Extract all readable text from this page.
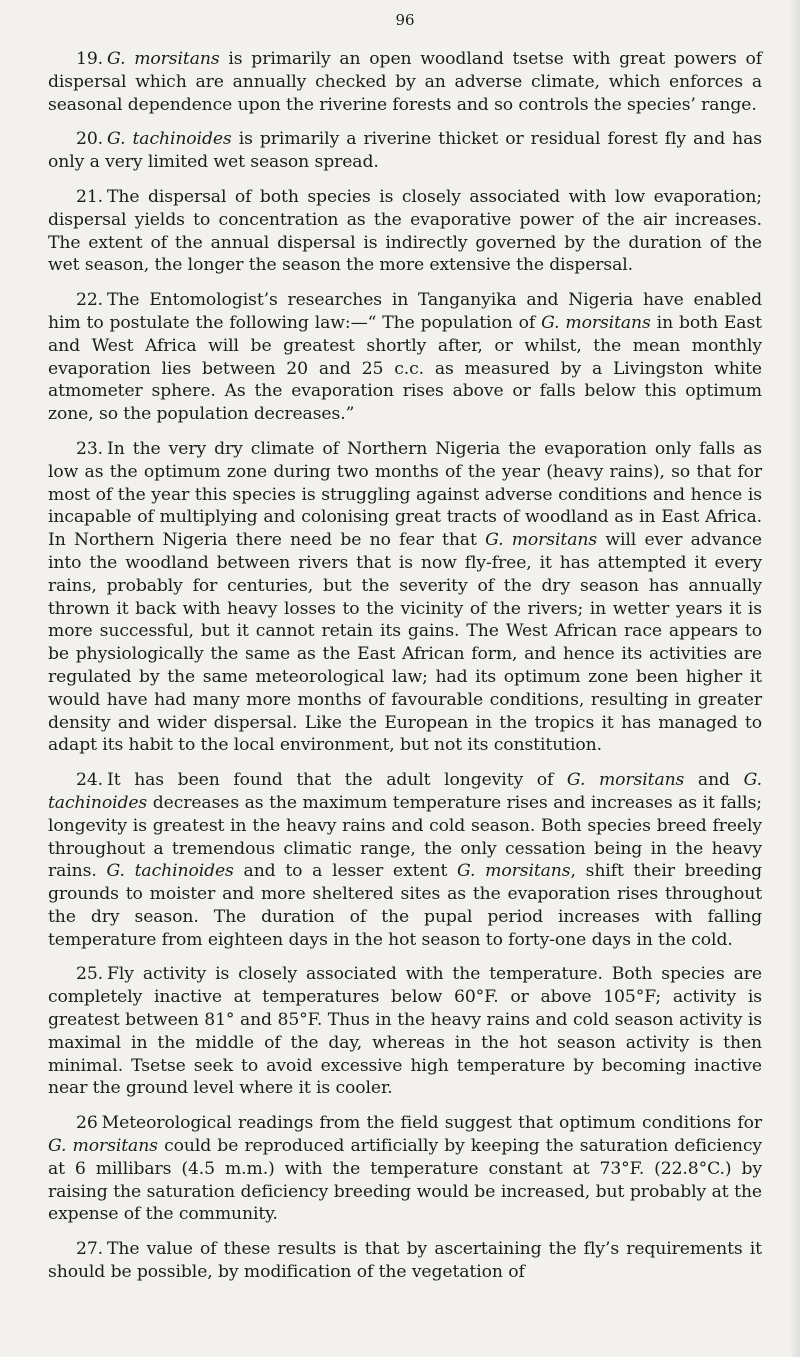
96

19. G. morsitans is primarily an open woodland tsetse with great powers of dispersal which are annually checked by an adverse climate, which enforces a seasonal dependence upon the riverine forests and so controls the species’ range.

20. G. tachinoides is primarily a riverine thicket or residual forest fly and has only a very limited wet season spread.

21. The dispersal of both species is closely associated with low evaporation; dispersal yields to concentration as the evaporative power of the air increases. The extent of the annual dispersal is indirectly governed by the duration of the wet season, the longer the season the more extensive the dispersal.

22. The Entomologist’s researches in Tanganyika and Nigeria have enabled him to postulate the following law:—“ The population of G. morsitans in both East and West Africa will be greatest shortly after, or whilst, the mean monthly evaporation lies between 20 and 25 c.c. as measured by a Livingston white atmometer sphere. As the evaporation rises above or falls below this optimum zone, so the population decreases.”

23. In the very dry climate of Northern Nigeria the evaporation only falls as low as the optimum zone during two months of the year (heavy rains), so that for most of the year this species is struggling against adverse conditions and hence is incapable of multiplying and colonising great tracts of woodland as in East Africa. In Northern Nigeria there need be no fear that G. morsitans will ever advance into the woodland between rivers that is now fly-free, it has attempted it every rains, probably for centuries, but the severity of the dry season has annually thrown it back with heavy losses to the vicinity of the rivers; in wetter years it is more successful, but it cannot retain its gains. The West African race appears to be physiologically the same as the East African form, and hence its activities are regulated by the same meteorological law; had its optimum zone been higher it would have had many more months of favourable conditions, resulting in greater density and wider dispersal. Like the European in the tropics it has managed to adapt its habit to the local environment, but not its constitution.

24. It has been found that the adult longevity of G. morsitans and G. tachinoides decreases as the maximum temperature rises and increases as it falls; longevity is greatest in the heavy rains and cold season. Both species breed freely throughout a tremendous climatic range, the only cessation being in the heavy rains. G. tachinoides and to a lesser extent G. morsitans, shift their breeding grounds to moister and more sheltered sites as the evaporation rises throughout the dry season. The duration of the pupal period increases with falling temperature from eighteen days in the hot season to forty-one days in the cold.

25. Fly activity is closely associated with the temperature. Both species are completely inactive at temperatures below 60°F. or above 105°F; activity is greatest between 81° and 85°F. Thus in the heavy rains and cold season activity is maximal in the middle of the day, whereas in the hot season activity is then minimal. Tsetse seek to avoid excessive high temperature by becoming inactive near the ground level where it is cooler.

26 Meteorological readings from the field suggest that optimum conditions for G. morsitans could be reproduced artificially by keeping the saturation deficiency at 6 millibars (4.5 m.m.) with the temperature constant at 73°F. (22.8°C.) by raising the saturation deficiency breeding would be increased, but probably at the expense of the community.

27. The value of these results is that by ascertaining the fly’s requirements it should be possible, by modification of the vegetation of
